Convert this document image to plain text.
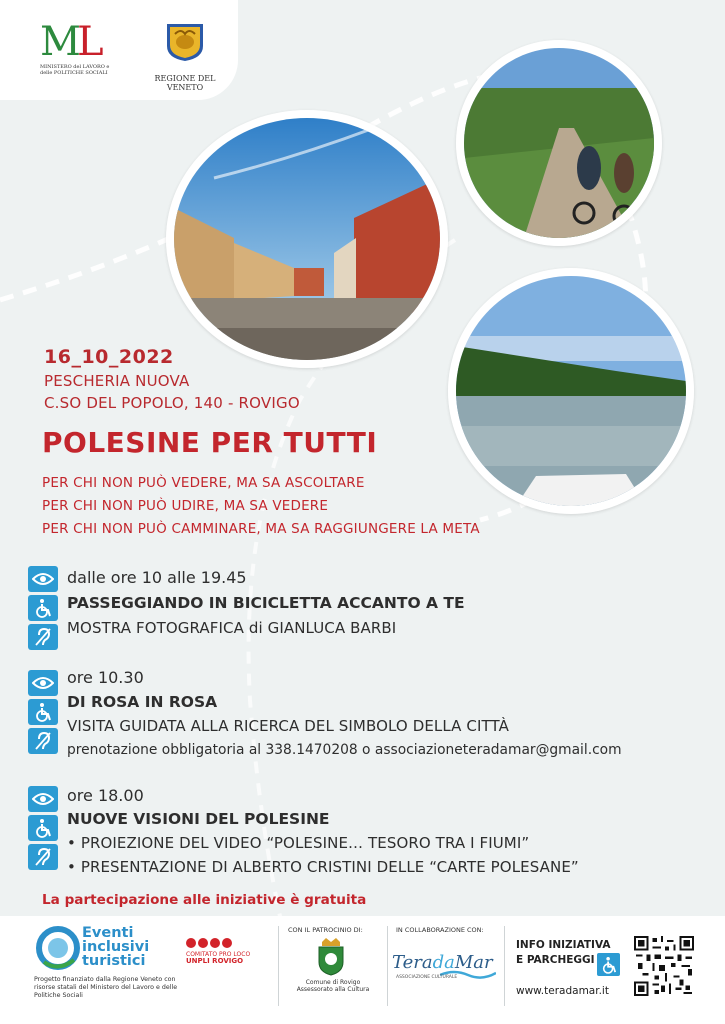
ML
MINISTERO del LAVORO e delle POLITICHE SOCIALI
REGIONE DEL VENETO
16_10_2022
PESCHERIA NUOVA
C.SO DEL POPOLO, 140 - ROVIGO
POLESINE PER TUTTI
PER CHI NON PUÒ VEDERE, MA SA ASCOLTARE
PER CHI NON PUÒ UDIRE, MA SA VEDERE
PER CHI NON PUÒ CAMMINARE, MA SA RAGGIUNGERE LA META
dalle ore 10 alle 19.45
PASSEGGIANDO IN BICICLETTA ACCANTO A TE
MOSTRA FOTOGRAFICA di GIANLUCA BARBI
ore 10.30
DI ROSA IN ROSA
VISITA GUIDATA ALLA RICERCA DEL SIMBOLO DELLA CITTÀ
prenotazione obbligatoria al 338.1470208 o associazioneteradamar@gmail.com
ore 18.00
NUOVE VISIONI DEL POLESINE
• PROIEZIONE DEL VIDEO “POLESINE… TESORO TRA I FIUMI”
• PRESENTAZIONE DI ALBERTO CRISTINI DELLE “CARTE POLESANE”
La partecipazione alle iniziative è gratuita
Eventi
inclusivi
turistici
Progetto finanziato dalla Regione Veneto con risorse statali del Ministero del Lavoro e delle Politiche Sociali
COMITATO PRO LOCO
UNPLI ROVIGO
CON IL PATROCINIO DI:
Comune di Rovigo
Assessorato alla Cultura
IN COLLABORAZIONE CON:
TeradaMar
ASSOCIAZIONE CULTURALE
INFO INIZIATIVA
E PARCHEGGI
www.teradamar.it
